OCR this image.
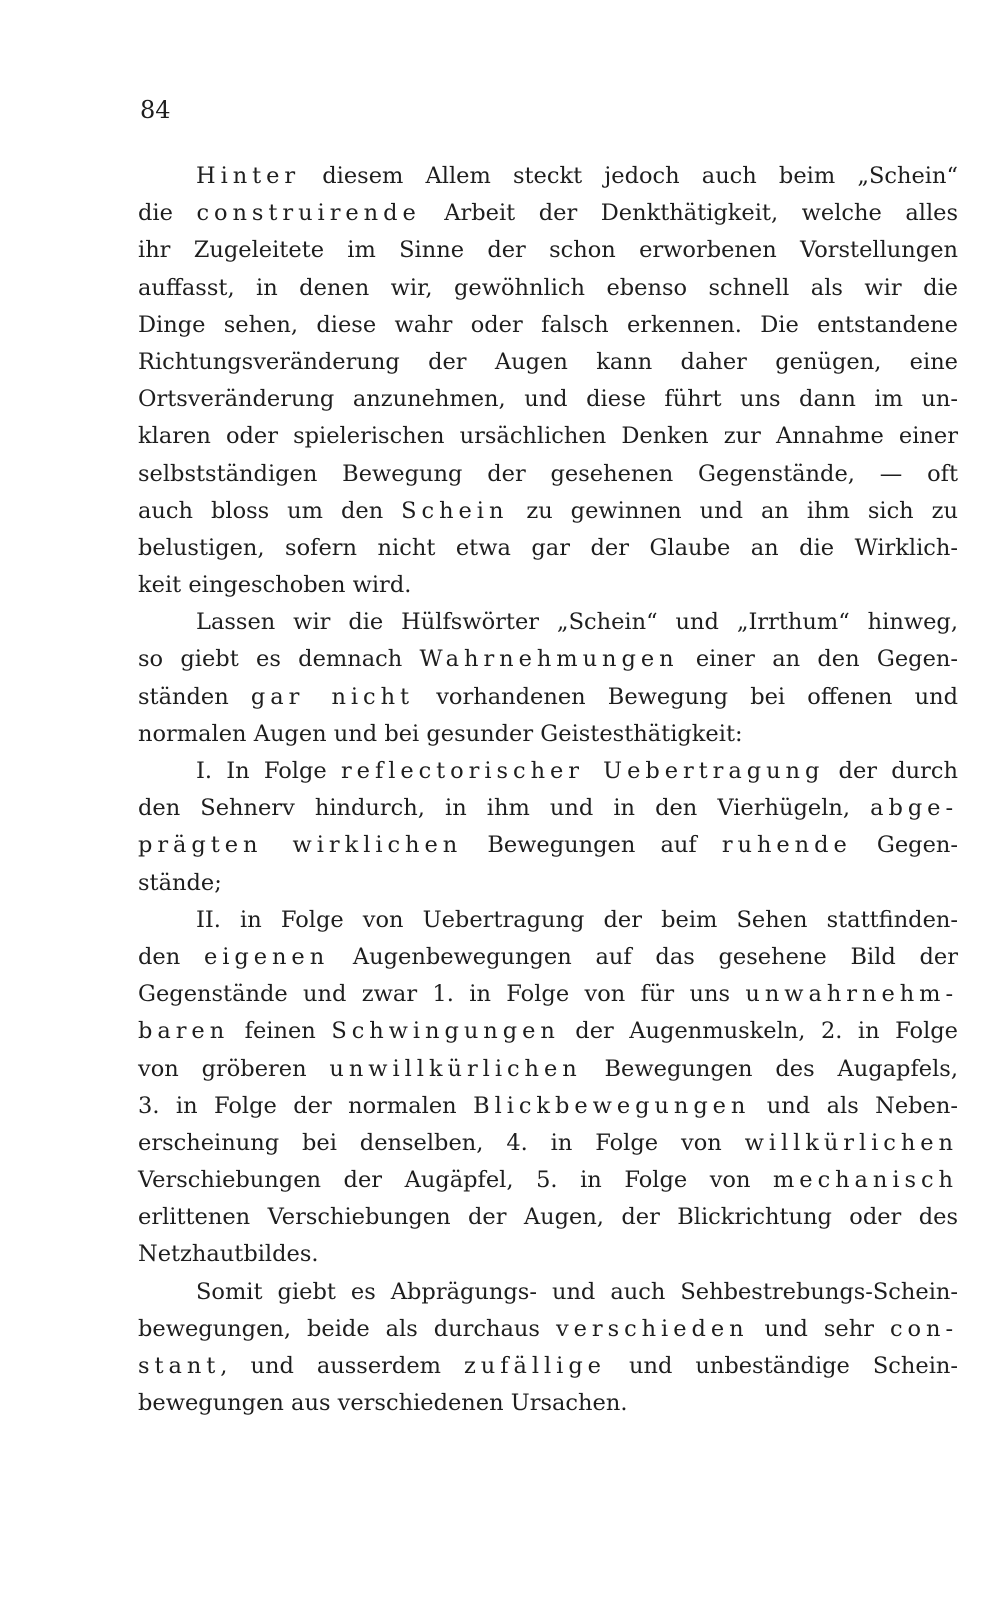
84
Hinter diesem Allem steckt jedoch auch beim „Schein“
die construirende Arbeit der Denkthätigkeit, welche alles
ihr Zugeleitete im Sinne der schon erworbenen Vorstellungen
auffasst, in denen wir, gewöhnlich ebenso schnell als wir die
Dinge sehen, diese wahr oder falsch erkennen. Die entstandene
Richtungsveränderung der Augen kann daher genügen, eine
Ortsveränderung anzunehmen, und diese führt uns dann im un-
klaren oder spielerischen ursächlichen Denken zur Annahme einer
selbstständigen Bewegung der gesehenen Gegenstände, — oft
auch bloss um den Schein zu gewinnen und an ihm sich zu
belustigen, sofern nicht etwa gar der Glaube an die Wirklich-
keit eingeschoben wird.
Lassen wir die Hülfswörter „Schein“ und „Irrthum“ hinweg,
so giebt es demnach Wahrnehmungen einer an den Gegen-
ständen gar nicht vorhandenen Bewegung bei offenen und
normalen Augen und bei gesunder Geistesthätigkeit:
I. In Folge reflectorischer Uebertragung der durch
den Sehnerv hindurch, in ihm und in den Vierhügeln, abge-
prägten wirklichen Bewegungen auf ruhende Gegen-
stände;
II. in Folge von Uebertragung der beim Sehen stattfinden-
den eigenen Augenbewegungen auf das gesehene Bild der
Gegenstände und zwar 1. in Folge von für uns unwahrnehm-
baren feinen Schwingungen der Augenmuskeln, 2. in Folge
von gröberen unwillkürlichen Bewegungen des Augapfels,
3. in Folge der normalen Blickbewegungen und als Neben-
erscheinung bei denselben, 4. in Folge von willkürlichen
Verschiebungen der Augäpfel, 5. in Folge von mechanisch
erlittenen Verschiebungen der Augen, der Blickrichtung oder des
Netzhautbildes.
Somit giebt es Abprägungs- und auch Sehbestrebungs-Schein-
bewegungen, beide als durchaus verschieden und sehr con-
stant, und ausserdem zufällige und unbeständige Schein-
bewegungen aus verschiedenen Ursachen.
